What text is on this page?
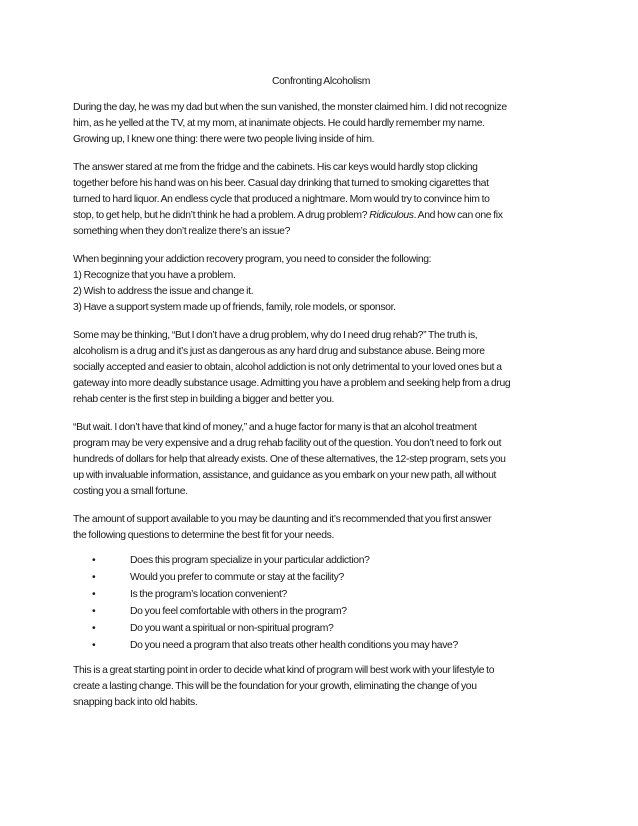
Confronting Alcoholism
During the day, he was my dad but when the sun vanished, the monster claimed him. I did not recognize
him, as he yelled at the TV, at my mom, at inanimate objects. He could hardly remember my name.
Growing up, I knew one thing: there were two people living inside of him.
The answer stared at me from the fridge and the cabinets. His car keys would hardly stop clicking
together before his hand was on his beer. Casual day drinking that turned to smoking cigarettes that
turned to hard liquor. An endless cycle that produced a nightmare. Mom would try to convince him to
stop, to get help, but he didn’t think he had a problem. A drug problem? Ridiculous. And how can one fix
something when they don’t realize there’s an issue?
When beginning your addiction recovery program, you need to consider the following:
1) Recognize that you have a problem.
2) Wish to address the issue and change it.
3) Have a support system made up of friends, family, role models, or sponsor.
Some may be thinking, “But I don’t have a drug problem, why do I need drug rehab?” The truth is,
alcoholism is a drug and it’s just as dangerous as any hard drug and substance abuse. Being more
socially accepted and easier to obtain, alcohol addiction is not only detrimental to your loved ones but a
gateway into more deadly substance usage. Admitting you have a problem and seeking help from a drug
rehab center is the first step in building a bigger and better you.
“But wait. I don’t have that kind of money,” and a huge factor for many is that an alcohol treatment
program may be very expensive and a drug rehab facility out of the question. You don’t need to fork out
hundreds of dollars for help that already exists. One of these alternatives, the 12-step program, sets you
up with invaluable information, assistance, and guidance as you embark on your new path, all without
costing you a small fortune.
The amount of support available to you may be daunting and it’s recommended that you first answer
the following questions to determine the best fit for your needs.
•	Does this program specialize in your particular addiction?
•	Would you prefer to commute or stay at the facility?
•	Is the program’s location convenient?
•	Do you feel comfortable with others in the program?
•	Do you want a spiritual or non-spiritual program?
•	Do you need a program that also treats other health conditions you may have?
This is a great starting point in order to decide what kind of program will best work with your lifestyle to
create a lasting change. This will be the foundation for your growth, eliminating the change of you
snapping back into old habits.
